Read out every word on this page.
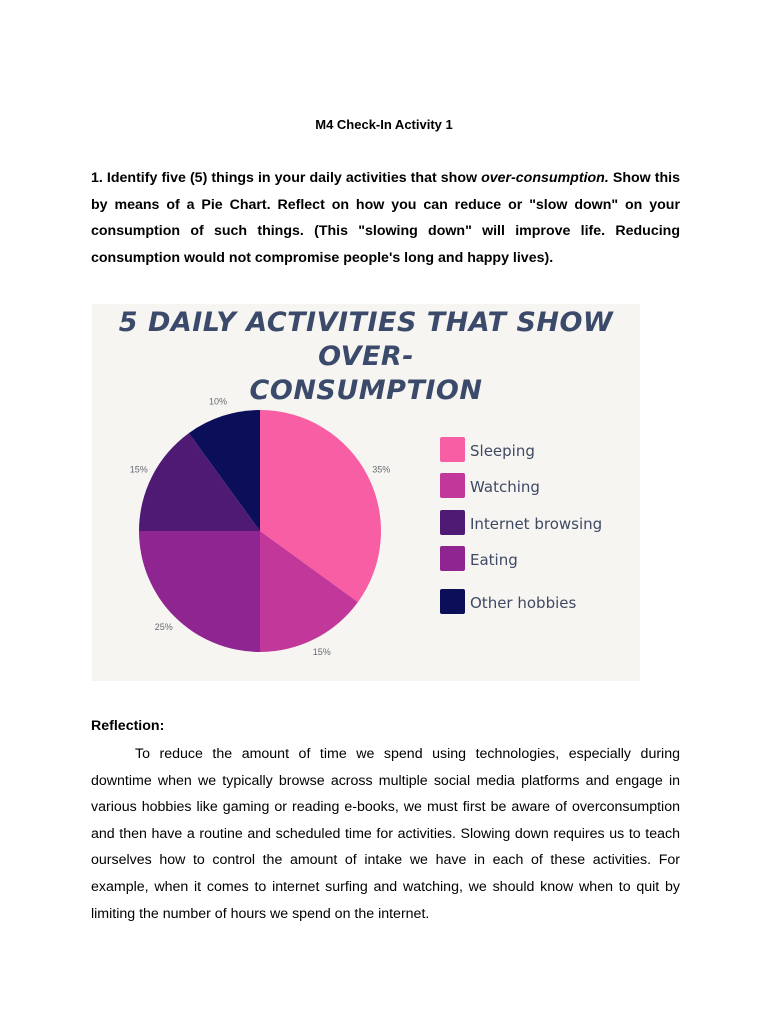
M4 Check-In Activity 1
1. Identify five (5) things in your daily activities that show over-consumption. Show this by means of a Pie Chart. Reflect on how you can reduce or "slow down" on your consumption of such things. (This "slowing down" will improve life. Reducing consumption would not compromise people's long and happy lives).
5 DAILY ACTIVITIES THAT SHOW OVER-
CONSUMPTION
35%
15%
25%
15%
10%
Sleeping
Watching
Internet browsing
Eating
Other hobbies
Reflection:
To reduce the amount of time we spend using technologies, especially during downtime when we typically browse across multiple social media platforms and engage in various hobbies like gaming or reading e-books, we must first be aware of overconsumption and then have a routine and scheduled time for activities. Slowing down requires us to teach ourselves how to control the amount of intake we have in each of these activities. For example, when it comes to internet surfing and watching, we should know when to quit by limiting the number of hours we spend on the internet.
